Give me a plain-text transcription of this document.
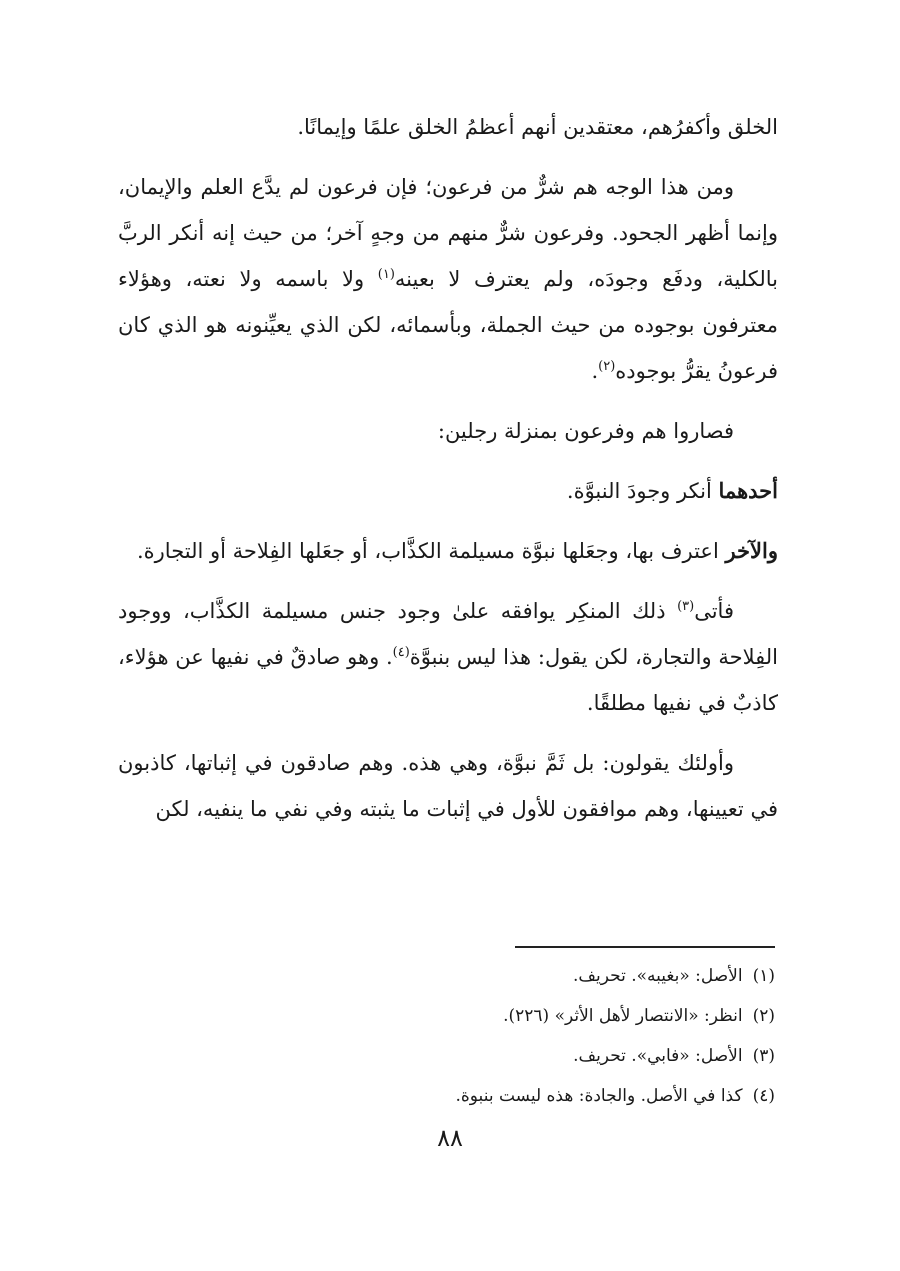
الخلق وأكفرُهم، معتقدين أنهم أعظمُ الخلق علمًا وإيمانًا.

ومن هذا الوجه هم شرٌّ من فرعون؛ فإن فرعون لم يدَّع العلم والإيمان، وإنما أظهر الجحود. وفرعون شرٌّ منهم من وجهٍ آخر؛ من حيث إنه أنكر الربَّ بالكلية، ودفَع وجودَه، ولم يعترف لا بعينه$^{(١)}$ ولا باسمه ولا نعته، وهؤلاء معترفون بوجوده من حيث الجملة، وبأسمائه، لكن الذي يعيِّنونه هو الذي كان فرعونُ يقرُّ بوجوده$^{(٢)}$.

فصاروا هم وفرعون بمنزلة رجلين:

أحدهما أنكر وجودَ النبوَّة.

والآخر اعترف بها، وجعَلها نبوَّة مسيلمة الكذَّاب، أو جعَلها الفِلاحة أو التجارة.

فأتى$^{(٣)}$ ذلك المنكِر يوافقه علىٰ وجود جنس مسيلمة الكذَّاب، ووجود الفِلاحة والتجارة، لكن يقول: هذا ليس بنبوَّة$^{(٤)}$. وهو صادقٌ في نفيها عن هؤلاء، كاذبٌ في نفيها مطلقًا.

وأولئك يقولون: بل ثَمَّ نبوَّة، وهي هذه. وهم صادقون في إثباتها، كاذبون في تعيينها، وهم موافقون للأول في إثبات ما يثبته وفي نفي ما ينفيه، لكن

(١)الأصل: «بغيبه». تحريف.
(٢)انظر: «الانتصار لأهل الأثر» (٢٢٦).
(٣)الأصل: «فابي». تحريف.
(٤)كذا في الأصل. والجادة: هذه ليست بنبوة.
٨٨
